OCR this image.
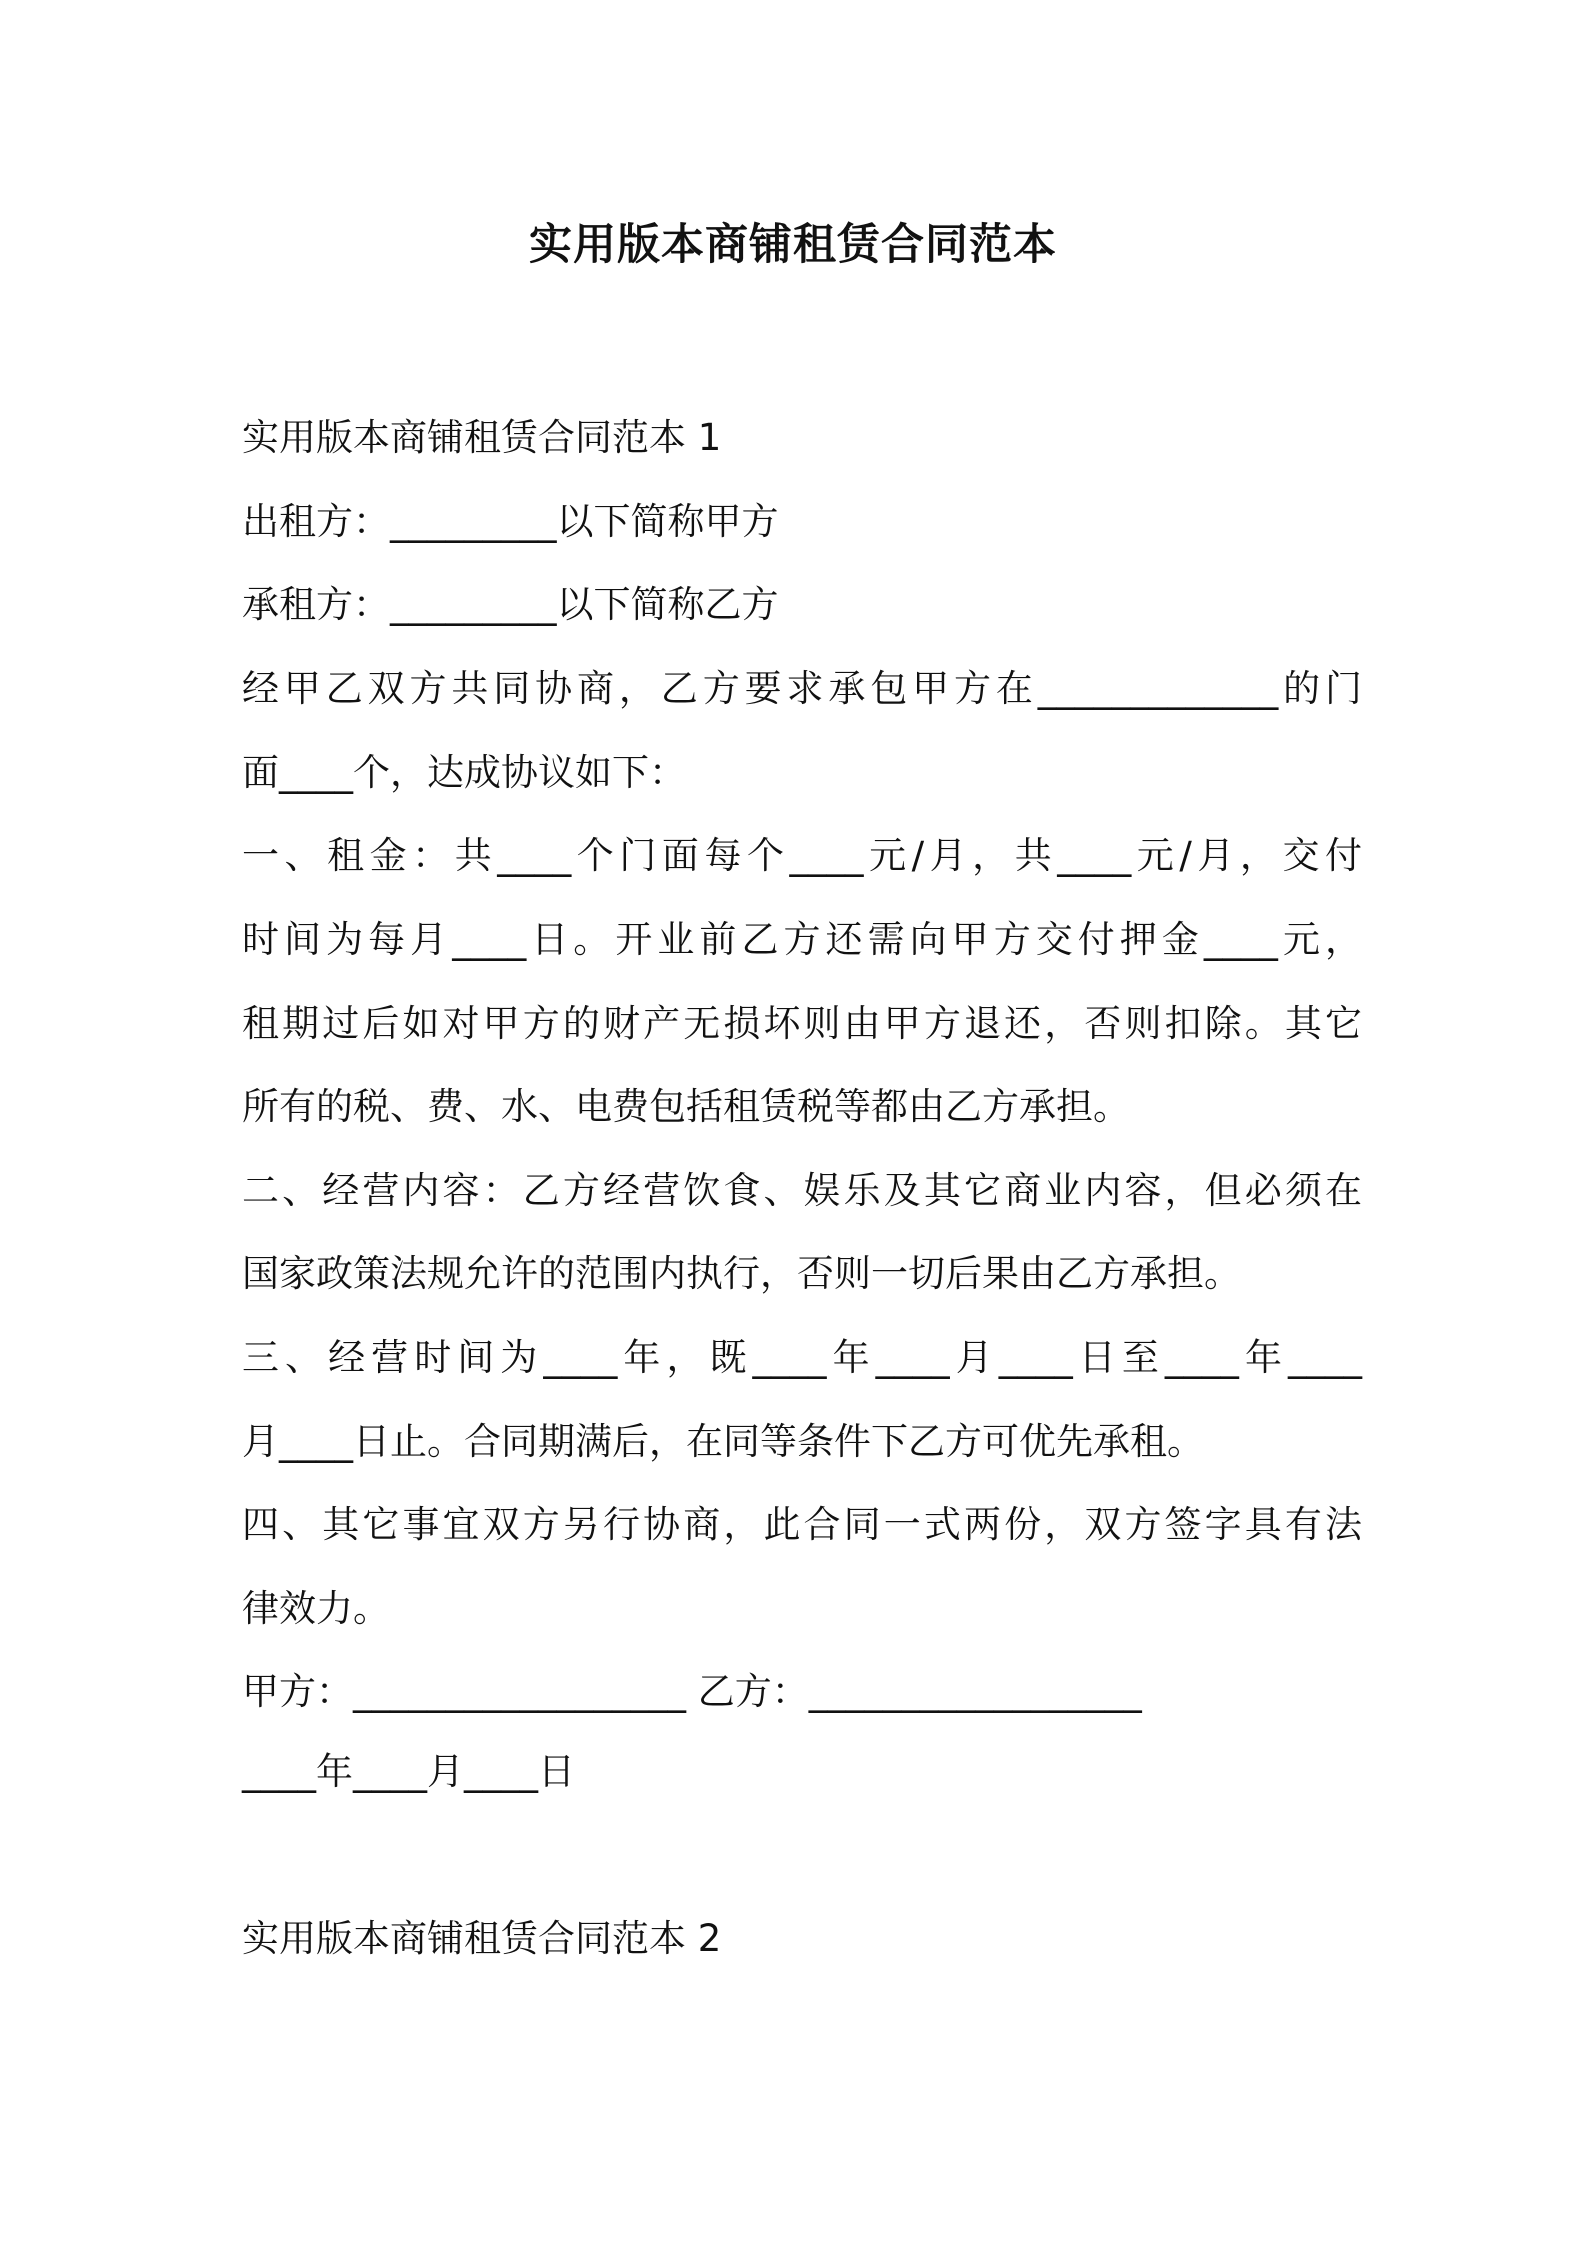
实用版本商铺租赁合同范本
实用版本商铺租赁合同范本 1
出租方：_________以下简称甲方
承租方：_________以下简称乙方
经甲乙双方共同协商，乙方要求承包甲方在_____________的门
面____个，达成协议如下：
一、租金：共____个门面每个____元/月，共____元/月，交付
时间为每月____日。开业前乙方还需向甲方交付押金____元，
租期过后如对甲方的财产无损坏则由甲方退还，否则扣除。其它
所有的税、费、水、电费包括租赁税等都由乙方承担。
二、经营内容：乙方经营饮食、娱乐及其它商业内容，但必须在
国家政策法规允许的范围内执行，否则一切后果由乙方承担。
三、经营时间为____年，既____年____月____日至____年____
月____日止。合同期满后，在同等条件下乙方可优先承租。
四、其它事宜双方另行协商，此合同一式两份，双方签字具有法
律效力。
甲方：__________________ 乙方：__________________
____年____月____日
实用版本商铺租赁合同范本 2
